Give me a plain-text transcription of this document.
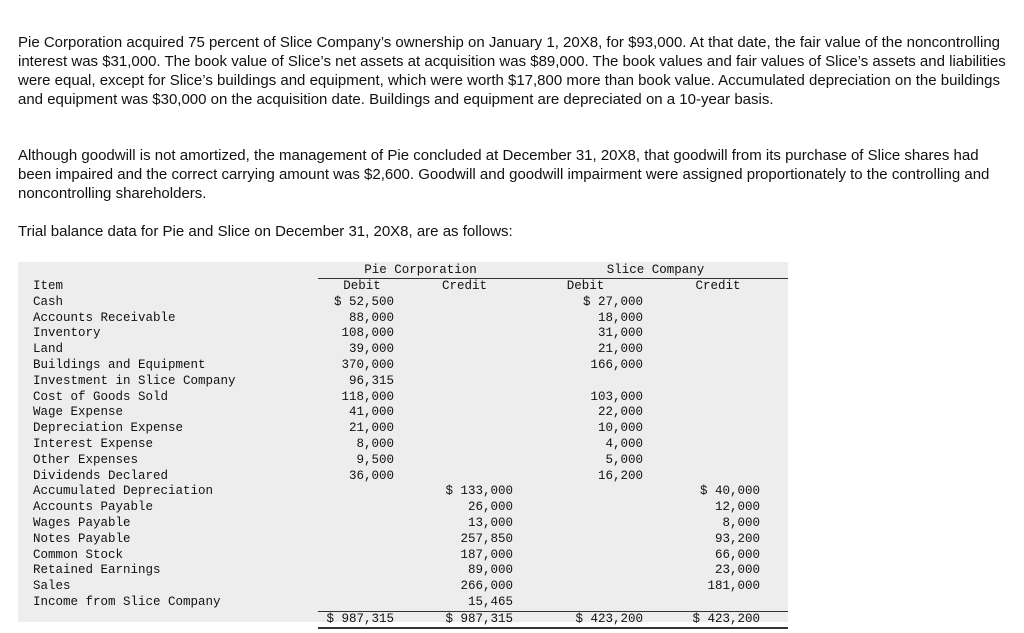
Pie Corporation acquired 75 percent of Slice Company’s ownership on January 1, 20X8, for $93,000. At that date, the fair value of the noncontrolling interest was $31,000. The book value of Slice’s net assets at acquisition was $89,000. The book values and fair values of Slice’s assets and liabilities were equal, except for Slice’s buildings and equipment, which were worth $17,800 more than book value. Accumulated depreciation on the buildings and equipment was $30,000 on the acquisition date. Buildings and equipment are depreciated on a 10-year basis.

Although goodwill is not amortized, the management of Pie concluded at December 31, 20X8, that goodwill from its purchase of Slice shares had been impaired and the correct carrying amount was $2,600. Goodwill and goodwill impairment were assigned proportionately to the controlling and noncontrolling shareholders.

Trial balance data for Pie and Slice on December 31, 20X8, are as follows:

	Pie Corporation		Slice Company	
Item	Debit	Credit	Debit	Credit
Cash	$ 52,500		$ 27,000	
Accounts Receivable	88,000		18,000	
Inventory	108,000		31,000	
Land	39,000		21,000	
Buildings and Equipment	370,000		166,000	
Investment in Slice Company	96,315			
Cost of Goods Sold	118,000		103,000	
Wage Expense	41,000		22,000	
Depreciation Expense	21,000		10,000	
Interest Expense	8,000		4,000	
Other Expenses	9,500		5,000	
Dividends Declared	36,000		16,200	
Accumulated Depreciation		$ 133,000		$ 40,000
Accounts Payable		26,000		12,000
Wages Payable		13,000		8,000
Notes Payable		257,850		93,200
Common Stock		187,000		66,000
Retained Earnings		89,000		23,000
Sales		266,000		181,000
Income from Slice Company		15,465		
	$ 987,315	$ 987,315	$ 423,200	$ 423,200
